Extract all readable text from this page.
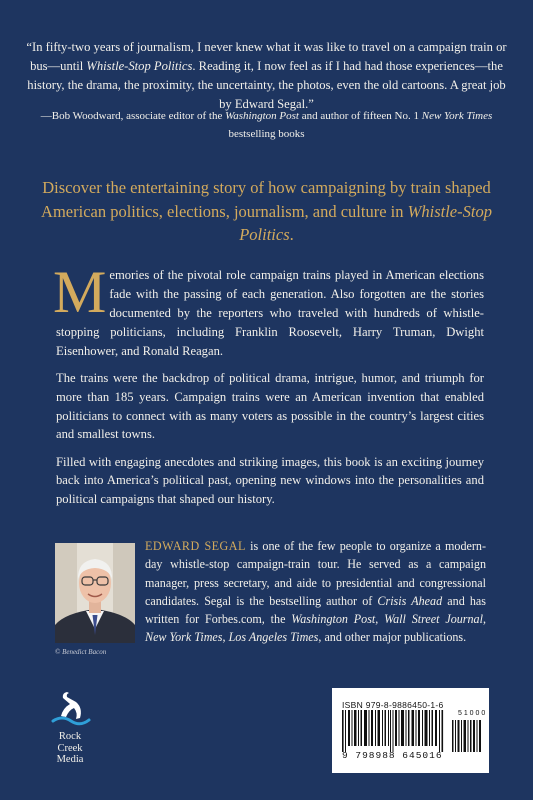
“In fifty-two years of journalism, I never knew what it was like to travel on a campaign train or bus—until Whistle-Stop Politics. Reading it, I now feel as if I had had those experiences—the history, the drama, the proximity, the uncertainty, the photos, even the old cartoons. A great job by Edward Segal.”
—Bob Woodward, associate editor of the Washington Post and author of fifteen No. 1 New York Times bestselling books
Discover the entertaining story of how campaigning by train shaped American politics, elections, journalism, and culture in Whistle-Stop Politics.

Memories of the pivotal role campaign trains played in American elections fade with the passing of each generation. Also forgotten are the stories documented by the reporters who traveled with hundreds of whistle-stopping politicians, including Franklin Roosevelt, Harry Truman, Dwight Eisenhower, and Ronald Reagan.

The trains were the backdrop of political drama, intrigue, humor, and triumph for more than 185 years. Campaign trains were an American invention that enabled politicians to connect with as many voters as possible in the country’s largest cities and smallest towns.

Filled with engaging anecdotes and striking images, this book is an exciting journey back into America’s political past, opening new windows into the personalities and political campaigns that shaped our history.

© Benedict Bacon
EDWARD SEGAL is one of the few people to organize a modern-day whistle-stop campaign-train tour. He served as a campaign manager, press secretary, and aide to presidential and congressional candidates. Segal is the bestselling author of Crisis Ahead and has written for Forbes.com, the Washington Post, Wall Street Journal, New York Times, Los Angeles Times, and other major publications.
Rock
Creek
Media
ISBN 979-8-9886450-1-6
5 1 0 0 0
9 798988 645016
